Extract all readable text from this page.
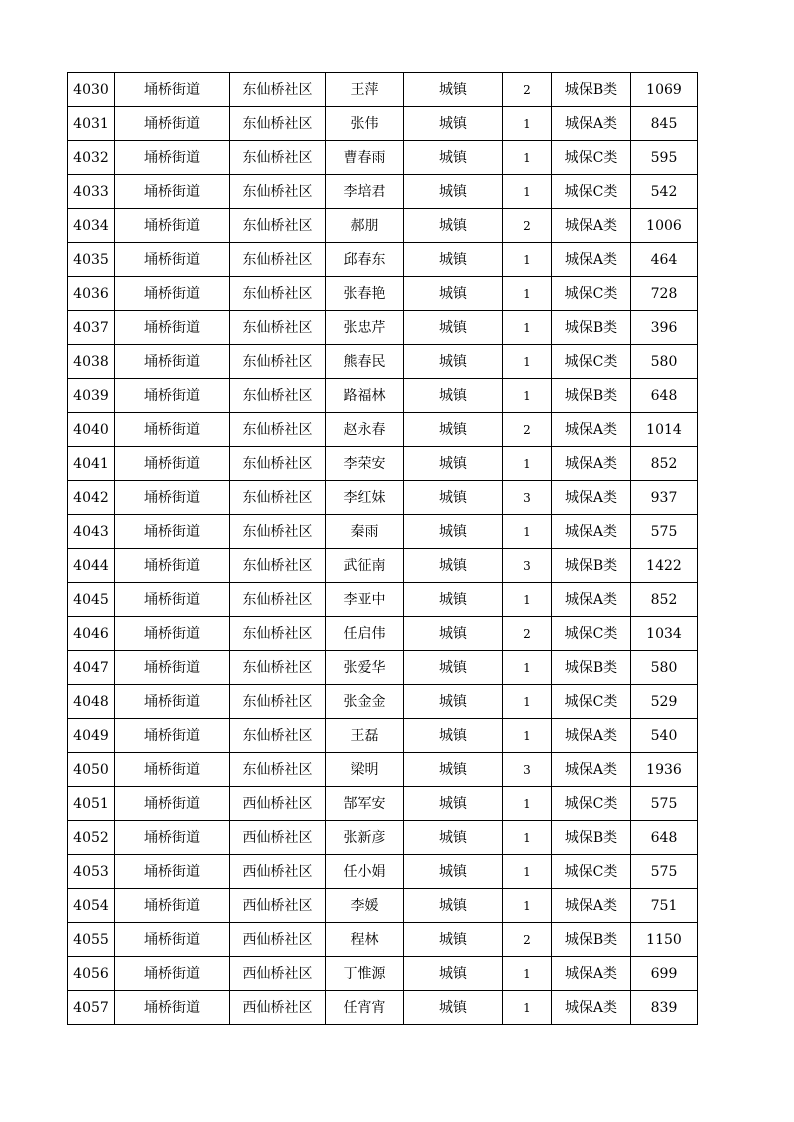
4030	埇桥街道	东仙桥社区	王萍	城镇	2	城保B类	1069
4031	埇桥街道	东仙桥社区	张伟	城镇	1	城保A类	845
4032	埇桥街道	东仙桥社区	曹春雨	城镇	1	城保C类	595
4033	埇桥街道	东仙桥社区	李培君	城镇	1	城保C类	542
4034	埇桥街道	东仙桥社区	郝朋	城镇	2	城保A类	1006
4035	埇桥街道	东仙桥社区	邱春东	城镇	1	城保A类	464
4036	埇桥街道	东仙桥社区	张春艳	城镇	1	城保C类	728
4037	埇桥街道	东仙桥社区	张忠芹	城镇	1	城保B类	396
4038	埇桥街道	东仙桥社区	熊春民	城镇	1	城保C类	580
4039	埇桥街道	东仙桥社区	路福林	城镇	1	城保B类	648
4040	埇桥街道	东仙桥社区	赵永春	城镇	2	城保A类	1014
4041	埇桥街道	东仙桥社区	李荣安	城镇	1	城保A类	852
4042	埇桥街道	东仙桥社区	李红妹	城镇	3	城保A类	937
4043	埇桥街道	东仙桥社区	秦雨	城镇	1	城保A类	575
4044	埇桥街道	东仙桥社区	武征南	城镇	3	城保B类	1422
4045	埇桥街道	东仙桥社区	李亚中	城镇	1	城保A类	852
4046	埇桥街道	东仙桥社区	任启伟	城镇	2	城保C类	1034
4047	埇桥街道	东仙桥社区	张爱华	城镇	1	城保B类	580
4048	埇桥街道	东仙桥社区	张金金	城镇	1	城保C类	529
4049	埇桥街道	东仙桥社区	王磊	城镇	1	城保A类	540
4050	埇桥街道	东仙桥社区	梁明	城镇	3	城保A类	1936
4051	埇桥街道	西仙桥社区	郜军安	城镇	1	城保C类	575
4052	埇桥街道	西仙桥社区	张新彦	城镇	1	城保B类	648
4053	埇桥街道	西仙桥社区	任小娟	城镇	1	城保C类	575
4054	埇桥街道	西仙桥社区	李媛	城镇	1	城保A类	751
4055	埇桥街道	西仙桥社区	程林	城镇	2	城保B类	1150
4056	埇桥街道	西仙桥社区	丁惟源	城镇	1	城保A类	699
4057	埇桥街道	西仙桥社区	任宵宵	城镇	1	城保A类	839
